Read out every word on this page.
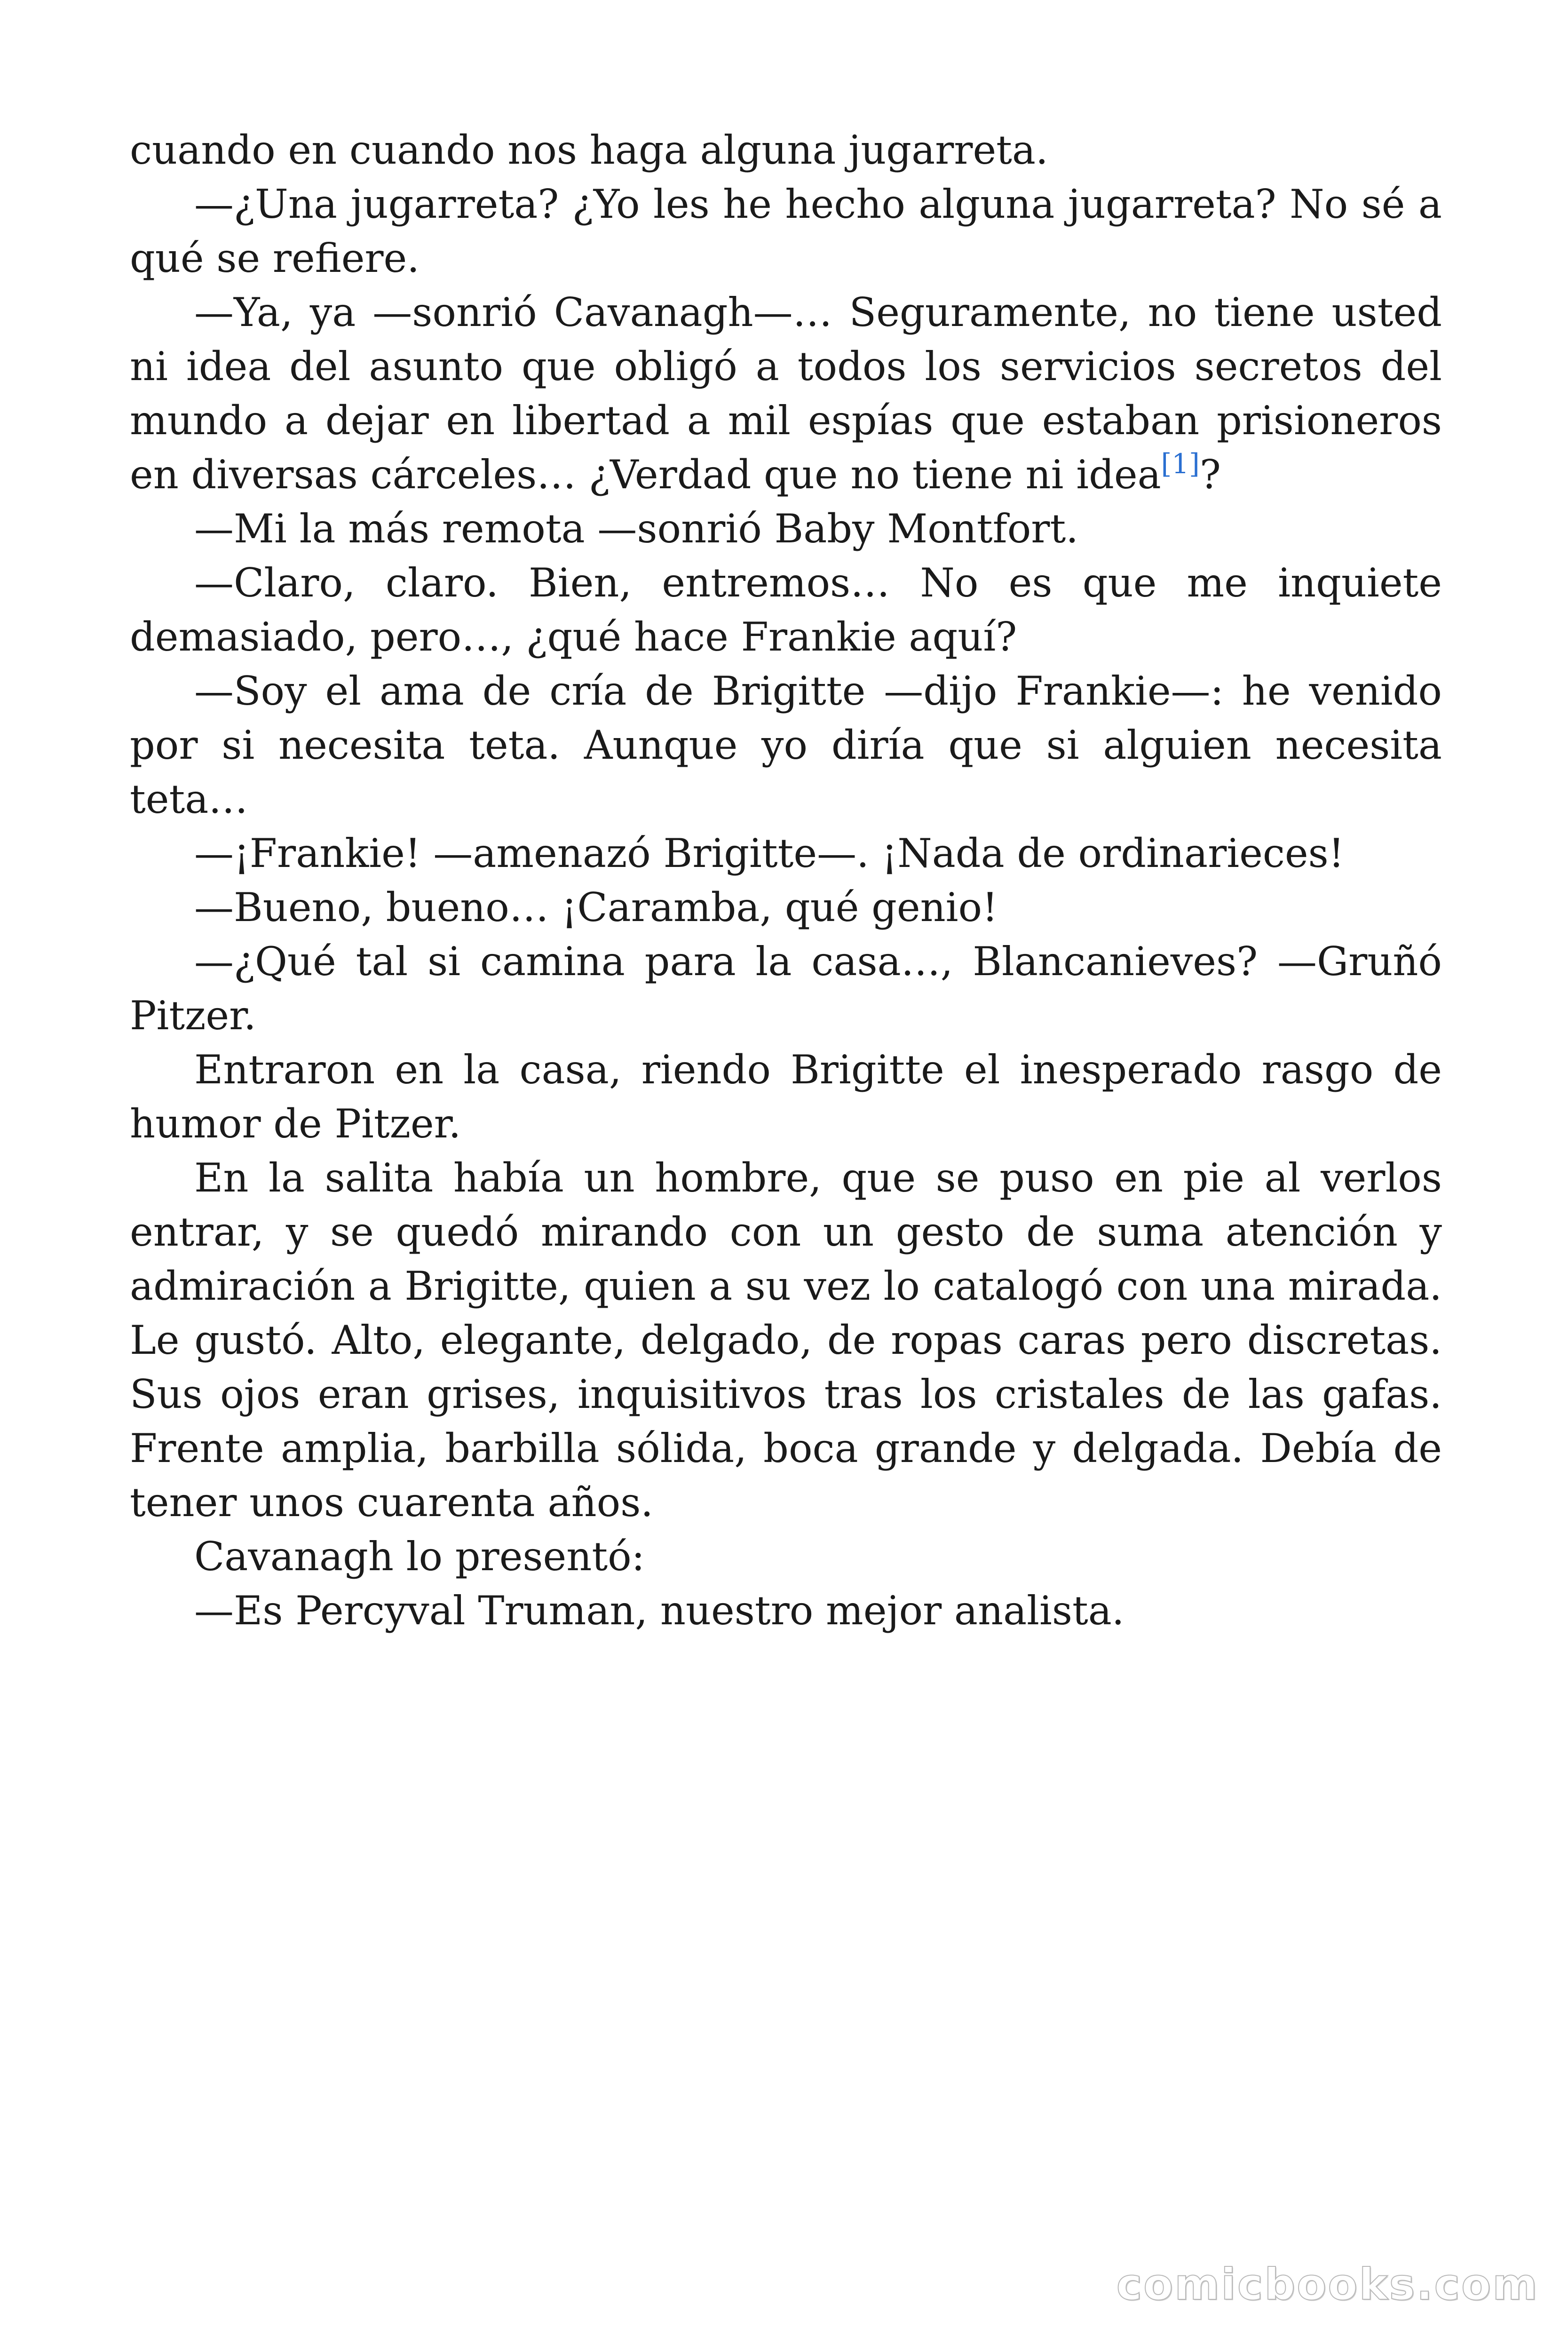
cuando en cuando nos haga alguna jugarreta.

—¿Una jugarreta? ¿Yo les he hecho alguna jugarreta? No sé a qué se refiere.

—Ya, ya —sonrió Cavanagh—… Seguramente, no tiene usted ni idea del asunto que obligó a todos los servicios secretos del mundo a dejar en libertad a mil espías que estaban prisioneros en diversas cárceles… ¿Verdad que no tiene ni idea[1]?

—Mi la más remota —sonrió Baby Montfort.

—Claro, claro. Bien, entremos… No es que me inquiete demasiado, pero…, ¿qué hace Frankie aquí?

—Soy el ama de cría de Brigitte —dijo Frankie—: he venido por si necesita teta. Aunque yo diría que si alguien necesita teta…

—¡Frankie! —amenazó Brigitte—. ¡Nada de ordinarieces!

—Bueno, bueno… ¡Caramba, qué genio!

—¿Qué tal si camina para la casa…, Blancanieves? —Gruñó Pitzer.

Entraron en la casa, riendo Brigitte el inesperado rasgo de humor de Pitzer.

En la salita había un hombre, que se puso en pie al verlos entrar, y se quedó mirando con un gesto de suma atención y admiración a Brigitte, quien a su vez lo catalogó con una mirada. Le gustó. Alto, elegante, delgado, de ropas caras pero discretas. Sus ojos eran grises, inquisitivos tras los cristales de las gafas. Frente amplia, barbilla sólida, boca grande y delgada. Debía de tener unos cuarenta años.

Cavanagh lo presentó:

—Es Percyval Truman, nuestro mejor analista.

comicbooks.com
